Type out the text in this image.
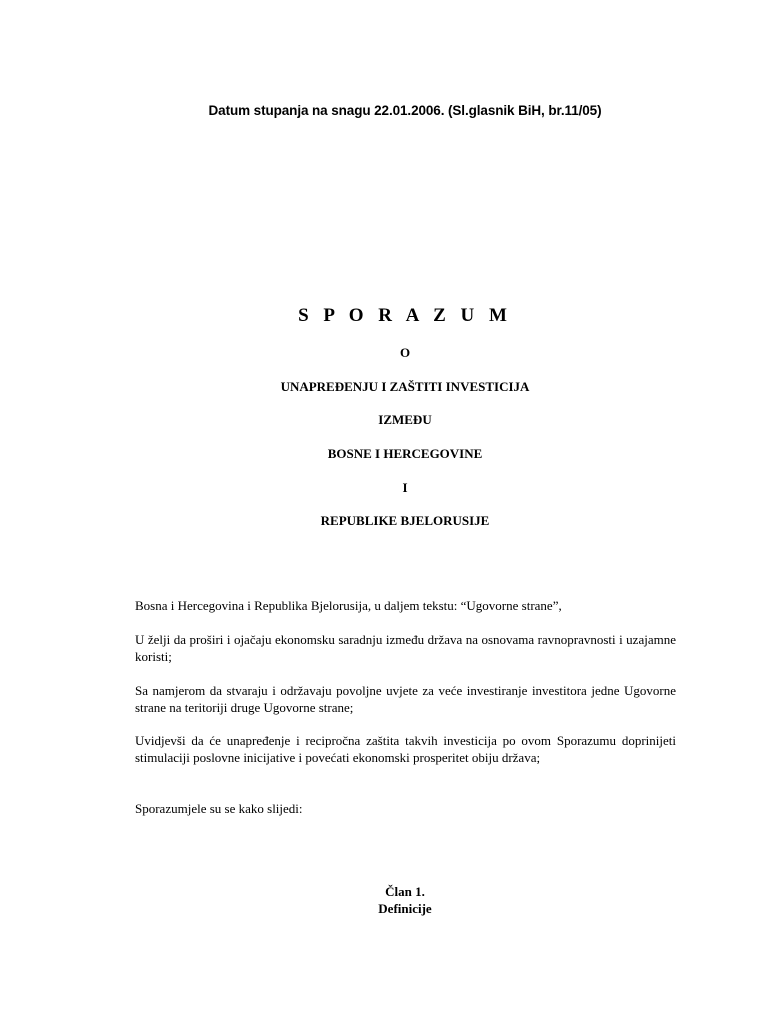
Datum stupanja na snagu 22.01.2006. (Sl.glasnik BiH, br.11/05)
S P O R A Z U M
O
UNAPREĐENJU I ZAŠTITI INVESTICIJA
IZMEĐU
BOSNE I HERCEGOVINE
I
REPUBLIKE BJELORUSIJE
Bosna i Hercegovina i Republika Bjelorusija, u daljem tekstu: “Ugovorne strane”,
U želji da proširi i ojačaju ekonomsku saradnju između država na osnovama ravnopravnosti i uzajamne koristi;
Sa namjerom da stvaraju i održavaju povoljne uvjete za veće investiranje investitora jedne Ugovorne strane na teritoriji druge Ugovorne strane;
Uvidjevši da će unapređenje i recipročna zaštita takvih investicija po ovom Sporazumu doprinijeti stimulaciji poslovne inicijative i povećati ekonomski prosperitet obiju država;
Sporazumjele su se kako slijedi:
Član 1.
Definicije
